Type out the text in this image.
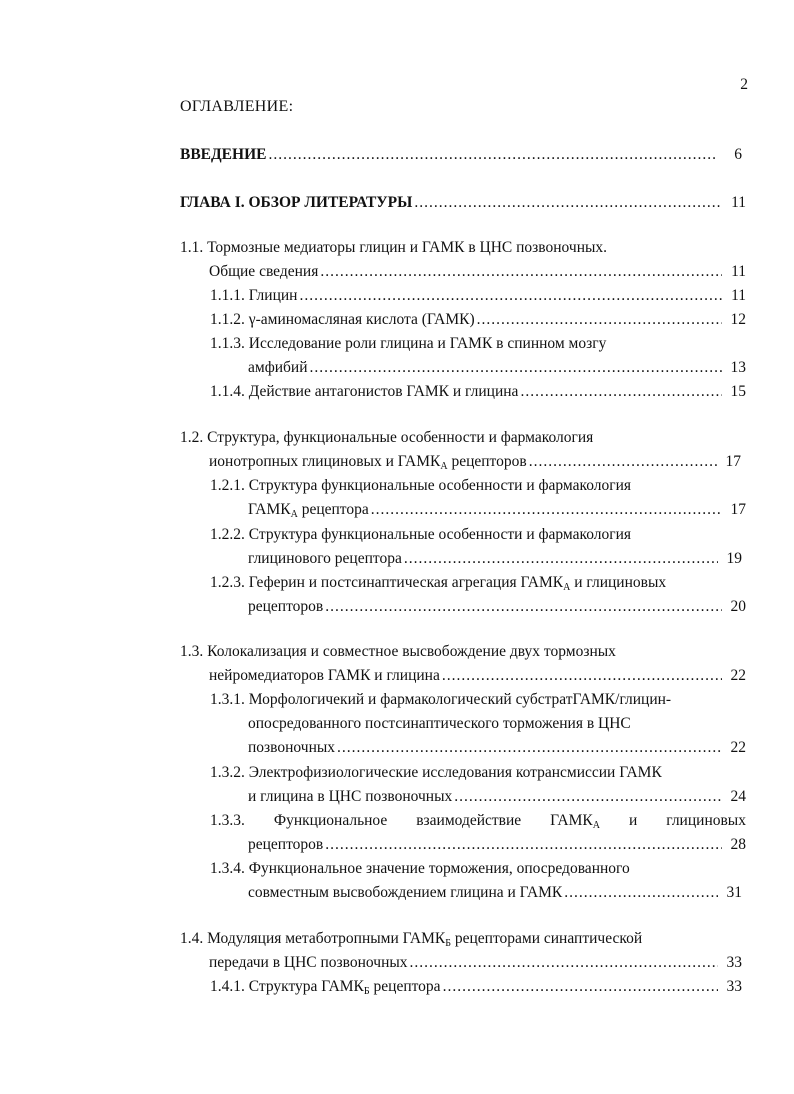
2
ОГЛАВЛЕНИЕ:
ВВЕДЕНИЕ .....	6
ГЛАВА I. ОБЗОР ЛИТЕРАТУРЫ .....	11
1.1. Тормозные медиаторы глицин и ГАМК в ЦНС позвоночных.
Общие сведения .....	11
1.1.1. Глицин .....	11
1.1.2. γ-аминомасляная кислота (ГАМК) .....	12
1.1.3. Исследование роли глицина и ГАМК в спинном мозгу
амфибий .....	13
1.1.4. Действие антагонистов ГАМК и глицина .....	15
1.2. Структура, функциональные особенности и фармакология
ионотропных глициновых и $ГАМК_А$ рецепторов .....	17
1.2.1. Структура функциональные особенности и фармакология
$ГАМК_А$ рецептора .....	17
1.2.2. Структура функциональные особенности и фармакология
глицинового рецептора .....	19
1.2.3. Геферин и постсинаптическая агрегация $ГАМК_А$ и глициновых
рецепторов .....	20
1.3. Колокализация и совместное высвобождение двух тормозных
нейромедиаторов ГАМК и глицина .....	22
1.3.1. Морфологичекий и фармакологический субстратГАМК/глицин-
опосредованного постсинаптического торможения в ЦНС
позвоночных .....	22
1.3.2. Электрофизиологические исследования котрансмиссии ГАМК
и глицина в ЦНС позвоночных .....	24
1.3.3. Функциональное взаимодействие $ГАМК_А$ и глициновых
рецепторов .....	28
1.3.4. Функциональное значение торможения, опосредованного
совместным высвобождением глицина и ГАМК .....	31
1.4. Модуляция метаботропными $ГАМК_Б$ рецепторами синаптической
передачи в ЦНС позвоночных .....	33
1.4.1. Структура $ГАМК_Б$ рецептора .....	33
